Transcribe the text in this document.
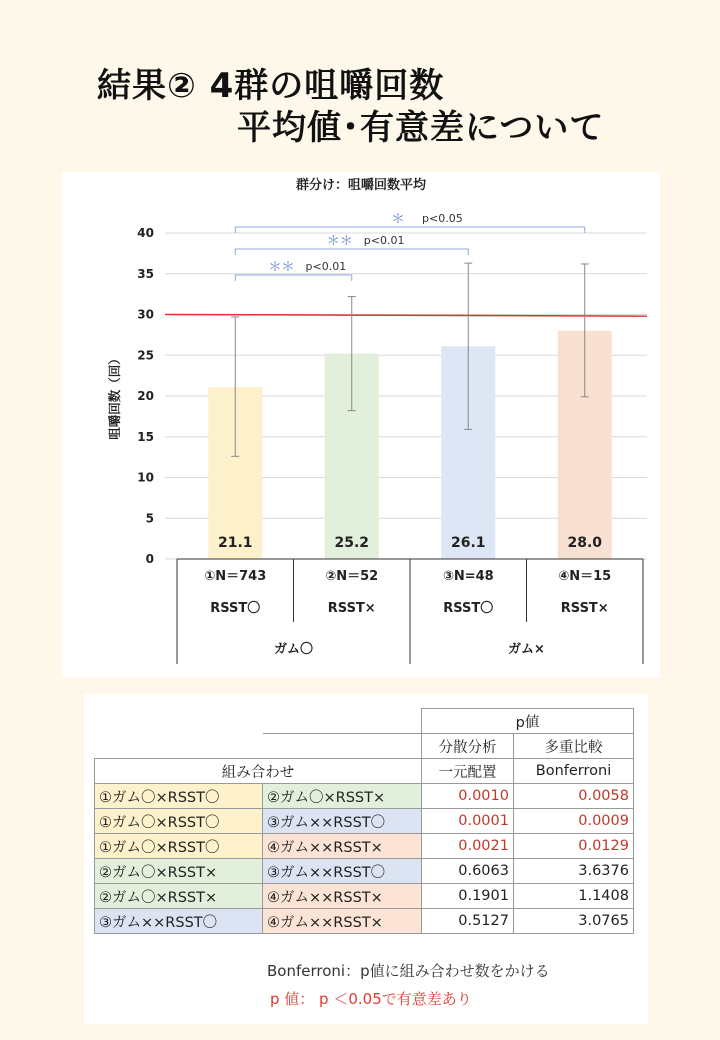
結果② 4群の咀嚼回数
平均値･有意差について
群分け：咀嚼回数平均
0
5
10
15
20
25
30
35
40
咀嚼回数（回）
21.1	25.2	26.1	28.0
＊＊ p<0.01
＊＊ p<0.01
＊ p<0.05
①N＝743	②N＝52	③N=48	④N＝15
RSST〇	RSST×	RSST〇	RSST×
ガム〇	ガム×
		p値	
		分散分析	多重比較
組み合わせ		一元配置	Bonferroni
①ガム〇×RSST〇	②ガム〇×RSST×	0.0010	0.0058
①ガム〇×RSST〇	③ガム××RSST〇	0.0001	0.0009
①ガム〇×RSST〇	④ガム××RSST×	0.0021	0.0129
②ガム〇×RSST×	③ガム××RSST〇	0.6063	3.6376
②ガム〇×RSST×	④ガム××RSST×	0.1901	1.1408
③ガム××RSST〇	④ガム××RSST×	0.5127	3.0765
Bonferroni：p値に組み合わせ数をかける
p 値： p ＜0.05で有意差あり
